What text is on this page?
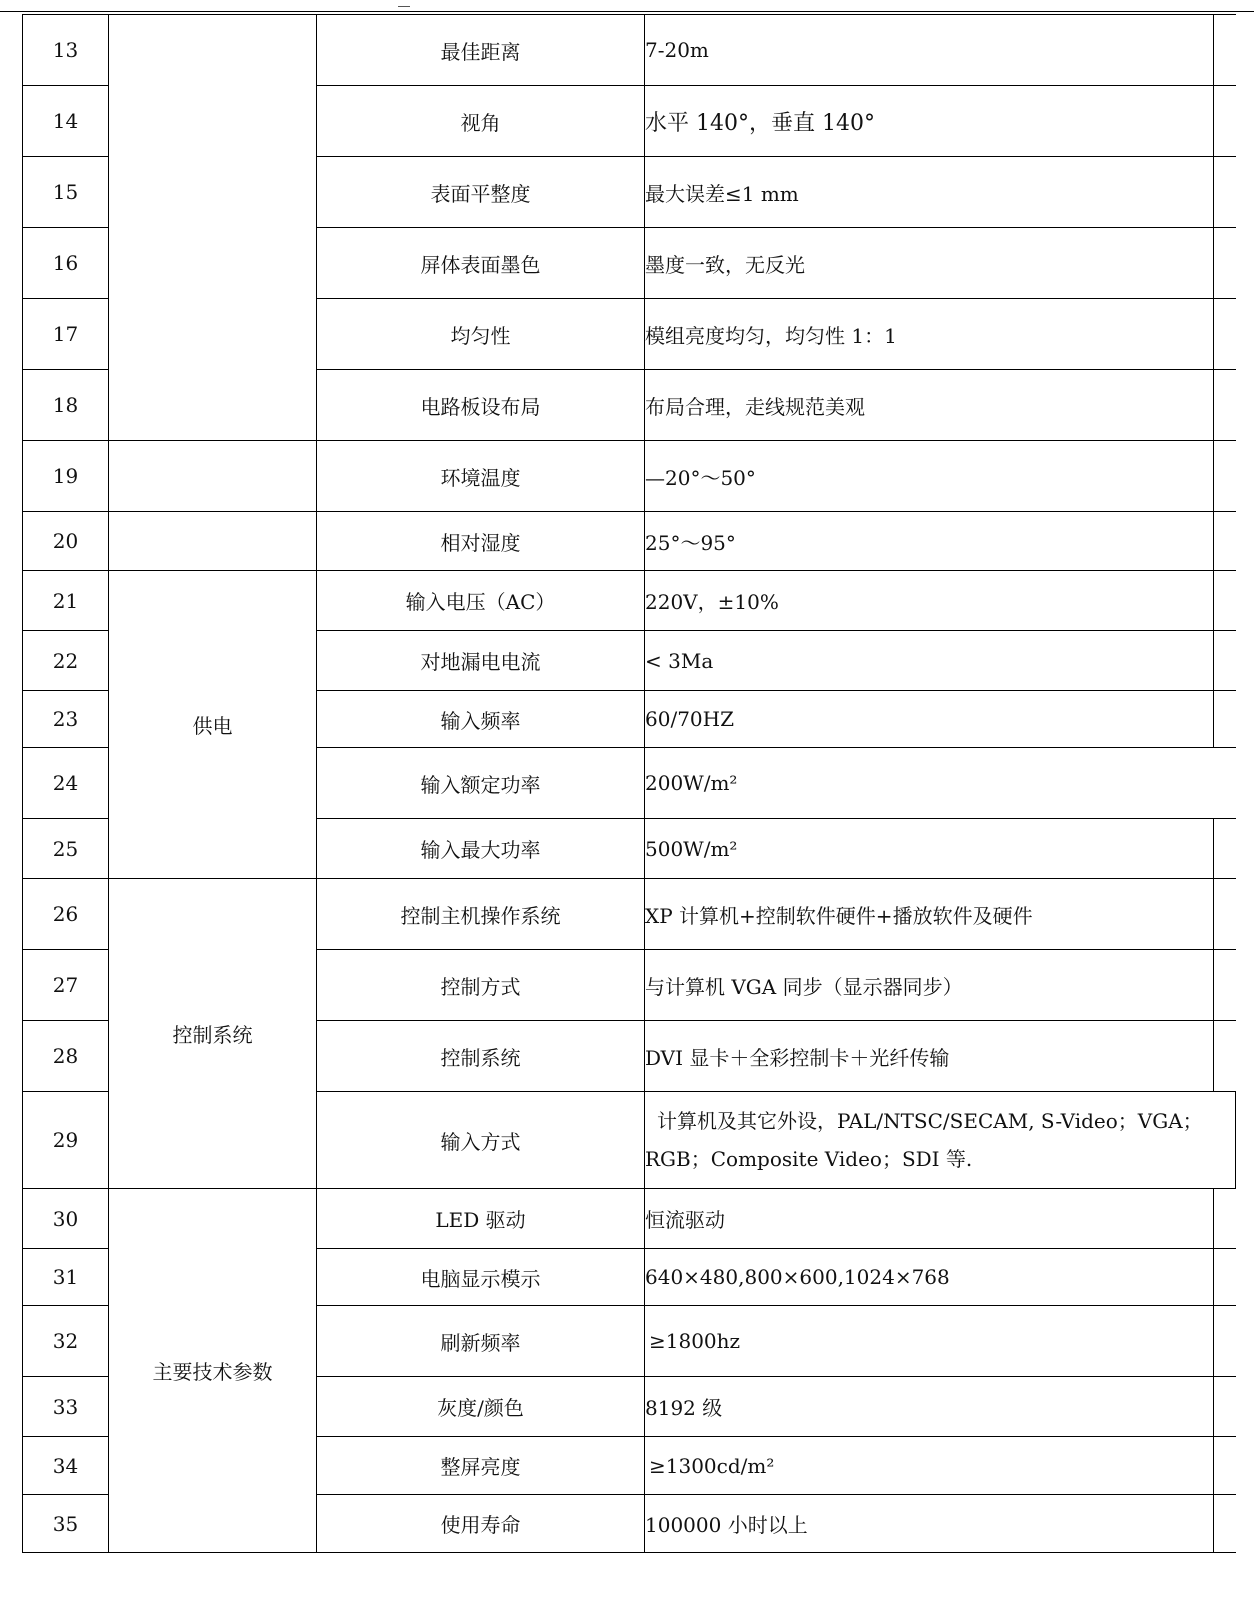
13		最佳距离	7-20m	
14		视角	水平 140°，垂直 140°	
15		表面平整度	最大误差≤1 mm	
16		屏体表面墨色	墨度一致，无反光	
17		均匀性	模组亮度均匀，均匀性 1：1	
18		电路板设布局	布局合理，走线规范美观	
19		环境温度	—20°～50°	
20		相对湿度	25°～95°	
21	供电	输入电压（AC）	220V，±10%	
22		对地漏电电流	< 3Ma	
23		输入频率	60/70HZ	
24		输入额定功率	200W/m²	
25		输入最大功率	500W/m²	
26	控制系统	控制主机操作系统	XP 计算机+控制软件硬件+播放软件及硬件	
27		控制方式	与计算机 VGA 同步（显示器同步）	
28		控制系统	DVI 显卡＋全彩控制卡＋光纤传输	
29		输入方式	计算机及其它外设，PAL/NTSC/SECAM, S-Video；VGA；
RGB；Composite Video；SDI 等.	

30	主要技术参数	LED 驱动	恒流驱动	
31		电脑显示模示	640×480,800×600,1024×768	
32		刷新频率	≥1800hz	
33		灰度/颜色	8192 级	
34		整屏亮度	≥1300cd/m²	
35		使用寿命	100000 小时以上	
